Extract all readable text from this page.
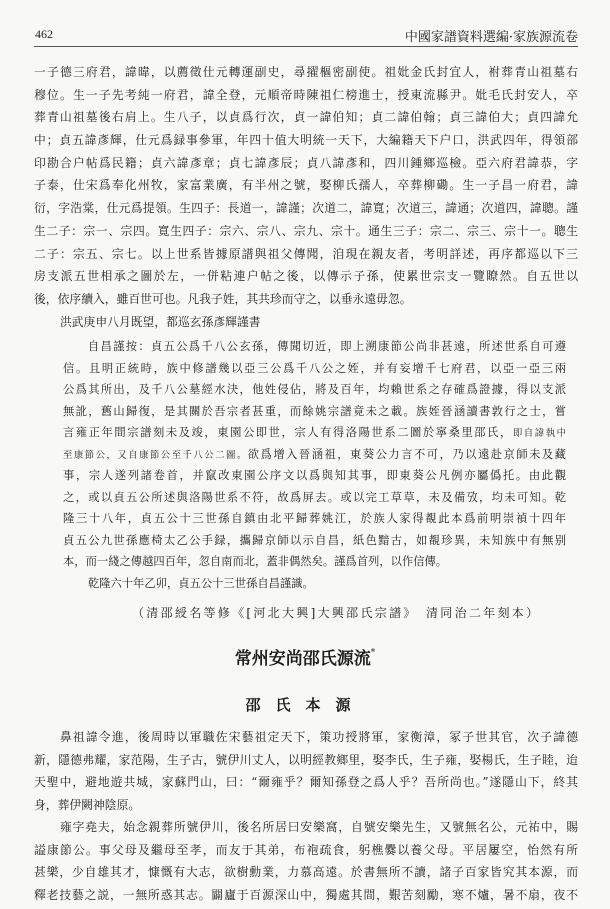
462	中國家譜資料選編·家族源流卷
一子德三府君，諱暐，以薦徵仕元轉運副史，尋擢樞密副使。祖妣金氏封宜人，祔葬青山祖墓右
穆位。生一子先考純一府君，諱全登，元順帝時陳祖仁榜進士，授東流縣尹。妣毛氏封安人，卒
葬青山祖墓後右肩上。生八子，以貞爲行次，貞一諱伯知；貞二諱伯翰；貞三諱伯大；貞四諱允
中；貞五諱彥輝，仕元爲録事參軍，年四十值大明統一天下，大編籍天下户口，洪武四年，得領部
印勘合户帖爲民籍；貞六諱彥章；貞七諱彥辰；貞八諱彥和，四川鍾鄉巡檢。亞六府君諱恭，字
子泰，仕宋爲奉化州牧，家富業廣，有半州之號，娶柳氏孺人，卒葬柳磡。生一子昌一府君，諱
衍，字浩棠，仕元爲提領。生四子：長道一，諱謹；次道二，諱寬；次道三，諱通；次道四，諱聰。謹
生二子：宗一、宗四。寬生四子：宗六、宗八、宗九、宗十。通生三子：宗二、宗三、宗十一。聰生
二子：宗五、宗七。以上世系皆據原譜與祖父傳聞，洎現在親友者，考明詳述，再序都巡以下三
房支派五世相承之圖於左，一併粘連户帖之後，以傳示子孫，使累世宗支一覽瞭然。自五世以
後，依序續入，雖百世可也。凡我子姓，其共珍而守之，以垂永遠毋忽。
洪武庚申八月既望，都巡玄孫彥輝謹書
自昌謹按：貞五公爲千八公玄孫，傳聞切近，即上溯康節公尚非甚遠，所述世系自可遵
信。且明正統時，族中修譜幾以亞三公爲千八公之姪，并有妄增千七府君，以亞一亞三兩
公爲其所出，及千八公墓經水決，他姓侵佔，將及百年，均賴世系之存確爲證據，得以支派
無訛，舊山歸復，是其關於吾宗者甚重，而餘姚宗譜竟未之載。族姪晉涵讀書敦行之士，嘗
言雍正年間宗譜刻未及竣，東園公即世，宗人有得洛陽世系二圖於寧桑里邵氏，即自諱執中
至康節公，又自康節公至千八公二圖。欲爲增入晉涵祖，東葵公力言不可，乃以遠赴京師未及藏
事，宗人遂列諸卷首，并竄改東園公序文以爲與知其事，即東葵公凡例亦屬僞托。由此觀
之，或以貞五公所述與洛陽世系不符，故爲屏去。或以完工草草，未及備攷，均未可知。乾
隆三十八年，貞五公十三世孫自鎮由北平歸葬姚江，於族人家得覩此本爲前明崇禎十四年
貞五公九世孫應椅太乙公手録，攜歸京師以示自昌，紙色黯古，如覩珍異，未知族中有無别
本，而一綫之傳越四百年，忽自南而北，蓋非偶然矣。謹爲首列，以作信傳。
乾隆六十年乙卯，貞五公十三世孫自昌謹識。
（清邵綬名等修《[河北大興]大興邵氏宗譜》　清同治二年刻本）
常州安尚邵氏源流*
邵　氏　本　源
鼻祖諱令進，後周時以軍職佐宋藝祖定天下，策功授將軍，家衡漳，冢子世其官，次子諱德
新，隱德弗耀，家范陽，生子古，號伊川丈人，以明經教鄉里，娶李氏，生子雍，娶楊氏，生子睦，迨
天聖中，避地遊共城，家蘇門山，曰：“爾雍乎？爾知孫登之爲人乎？吾所尚也。”遂隱山下，終其
身，葬伊闕神陰原。
雍字堯夫，始念親葬所號伊川，後名所居曰安樂窩，自號安樂先生，又號無名公，元祐中，賜
謚康節公。事父母及繼母至孝，而友于其弟，布袍疏食，躬樵爨以養父母。平居屢空，怡然有所
甚樂，少自雄其才，慷慨有大志，欲樹勳業，力慕高遠。於書無所不讀，諸子百家皆究其本源，而
釋老技藝之説，一無所惑其志。闢廬于百源深山中，獨處其間，艱苦刻勵，寒不爐，暑不扇，夜不
